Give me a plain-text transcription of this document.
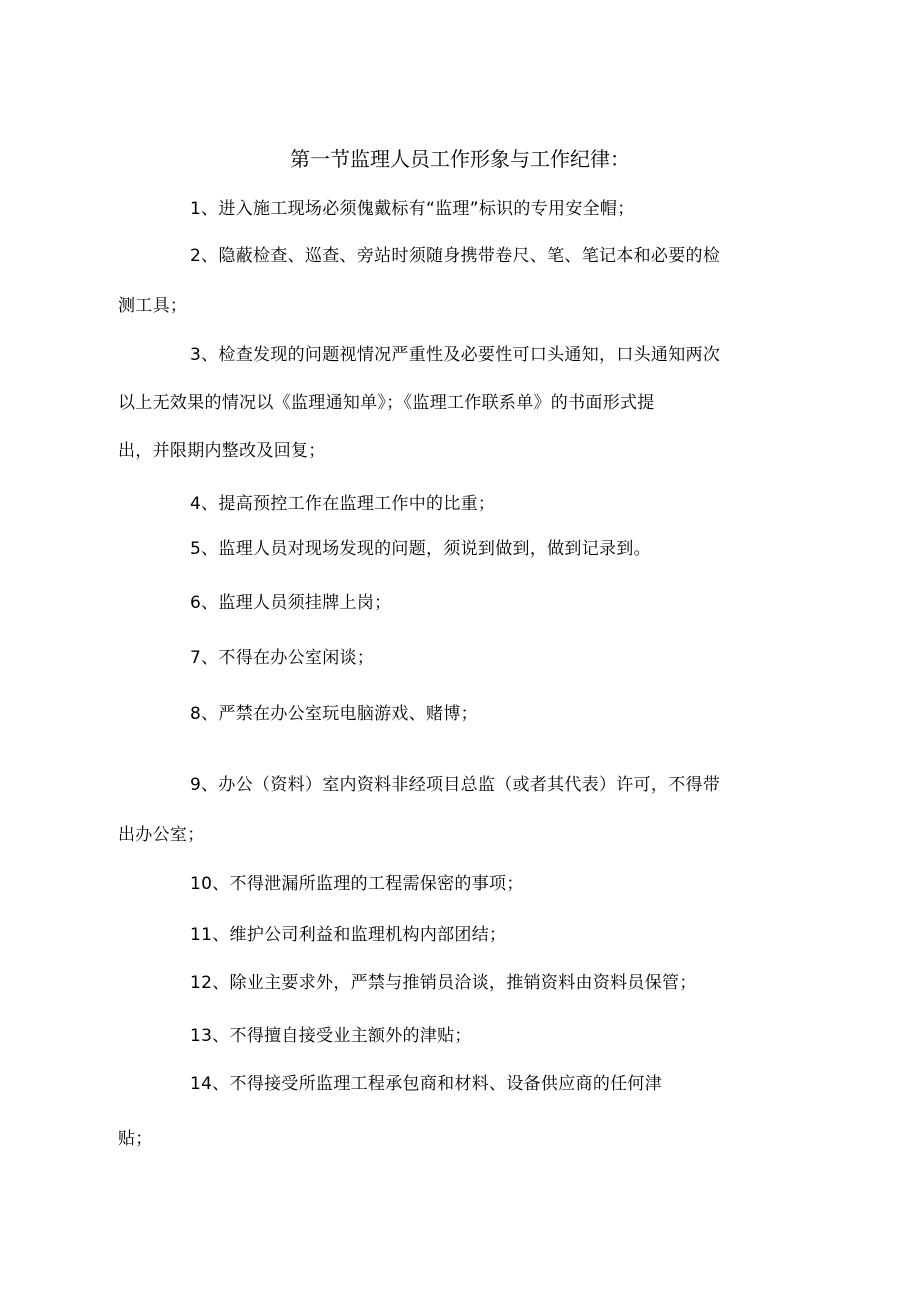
第一节监理人员工作形象与工作纪律：
1、进入施工现场必须傀戴标有“监理”标识的专用安全帽；
2、隐蔽检查、巡查、旁站时须随身携带卷尺、笔、笔记本和必要的检
测工具；
3、检查发现的问题视情况严重性及必要性可口头通知，口头通知两次
以上无效果的情况以《监理通知单》；《监理工作联系单》的书面形式提
出，并限期内整改及回复；
4、提高预控工作在监理工作中的比重；
5、监理人员对现场发现的问题，须说到做到，做到记录到。
6、监理人员须挂牌上岗；
7、不得在办公室闲谈；
8、严禁在办公室玩电脑游戏、赌博；
9、办公（资料）室内资料非经项目总监（或者其代表）许可，不得带
出办公室；
10、不得泄漏所监理的工程需保密的事项；
11、维护公司利益和监理机构内部团结；
12、除业主要求外，严禁与推销员洽谈，推销资料由资料员保管；
13、不得擅自接受业主额外的津贴；
14、不得接受所监理工程承包商和材料、设备供应商的任何津
贴；
